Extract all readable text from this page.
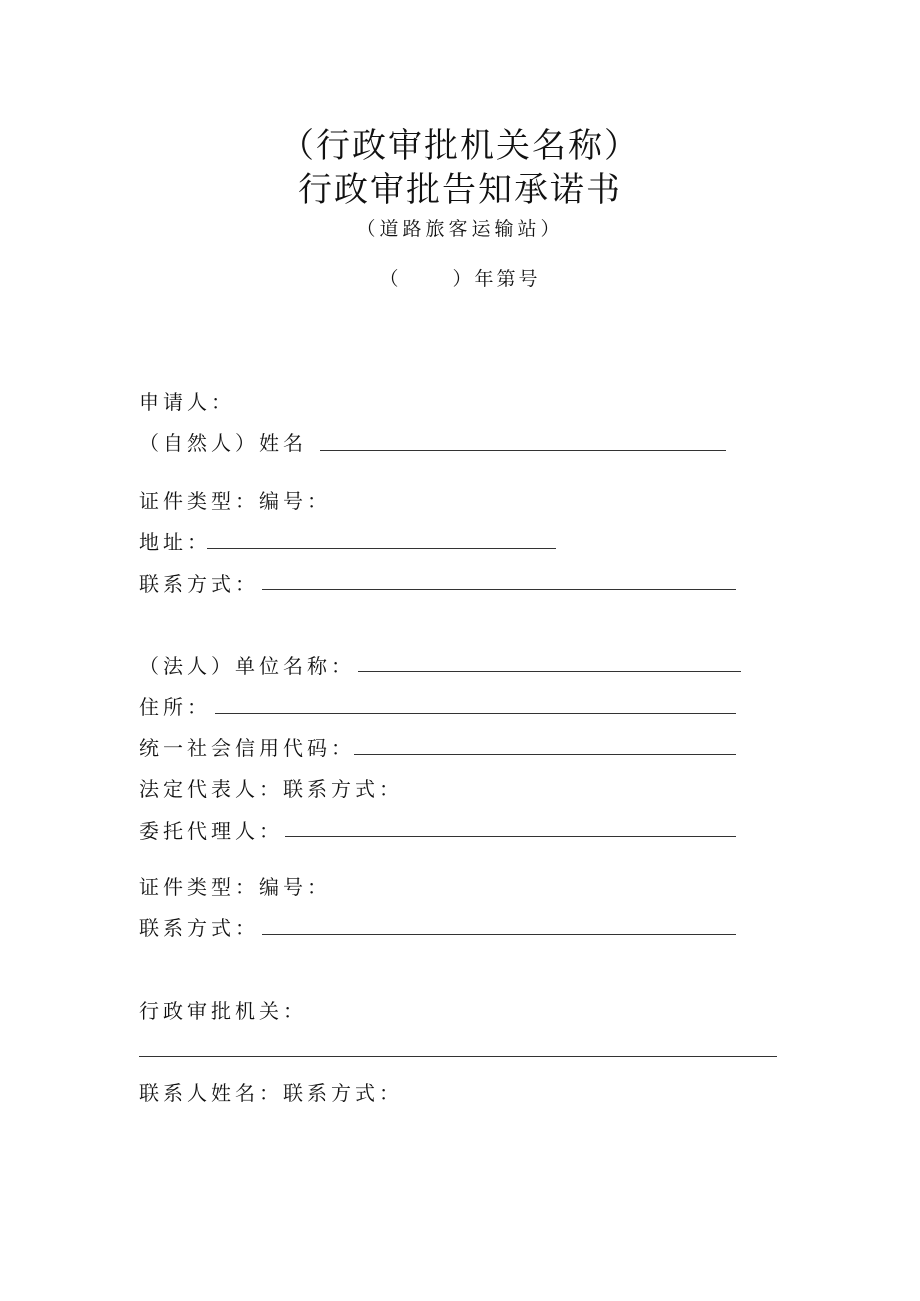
（行政审批机关名称）
行政审批告知承诺书
（道路旅客运输站）
（	）年第号
申请人：
（自然人）姓名
证件类型：编号：
地址：
联系方式：
（法人）单位名称：
住所：
统一社会信用代码：
法定代表人：联系方式：
委托代理人：
证件类型：编号：
联系方式：
行政审批机关：
联系人姓名：联系方式：
